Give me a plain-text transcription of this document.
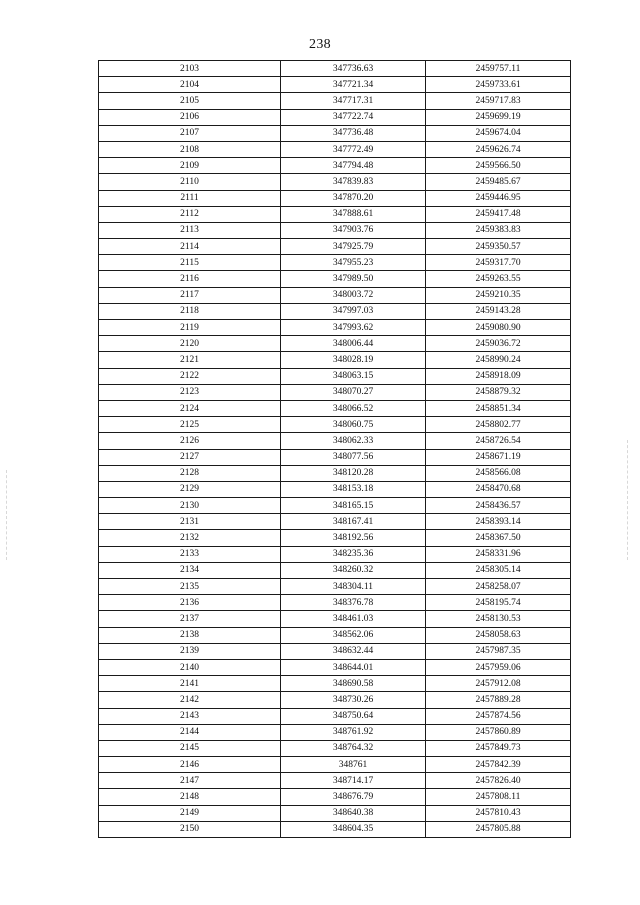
238
2103	347736.63	2459757.11
2104	347721.34	2459733.61
2105	347717.31	2459717.83
2106	347722.74	2459699.19
2107	347736.48	2459674.04
2108	347772.49	2459626.74
2109	347794.48	2459566.50
2110	347839.83	2459485.67
2111	347870.20	2459446.95
2112	347888.61	2459417.48
2113	347903.76	2459383.83
2114	347925.79	2459350.57
2115	347955.23	2459317.70
2116	347989.50	2459263.55
2117	348003.72	2459210.35
2118	347997.03	2459143.28
2119	347993.62	2459080.90
2120	348006.44	2459036.72
2121	348028.19	2458990.24
2122	348063.15	2458918.09
2123	348070.27	2458879.32
2124	348066.52	2458851.34
2125	348060.75	2458802.77
2126	348062.33	2458726.54
2127	348077.56	2458671.19
2128	348120.28	2458566.08
2129	348153.18	2458470.68
2130	348165.15	2458436.57
2131	348167.41	2458393.14
2132	348192.56	2458367.50
2133	348235.36	2458331.96
2134	348260.32	2458305.14
2135	348304.11	2458258.07
2136	348376.78	2458195.74
2137	348461.03	2458130.53
2138	348562.06	2458058.63
2139	348632.44	2457987.35
2140	348644.01	2457959.06
2141	348690.58	2457912.08
2142	348730.26	2457889.28
2143	348750.64	2457874.56
2144	348761.92	2457860.89
2145	348764.32	2457849.73
2146	348761	2457842.39
2147	348714.17	2457826.40
2148	348676.79	2457808.11
2149	348640.38	2457810.43
2150	348604.35	2457805.88
